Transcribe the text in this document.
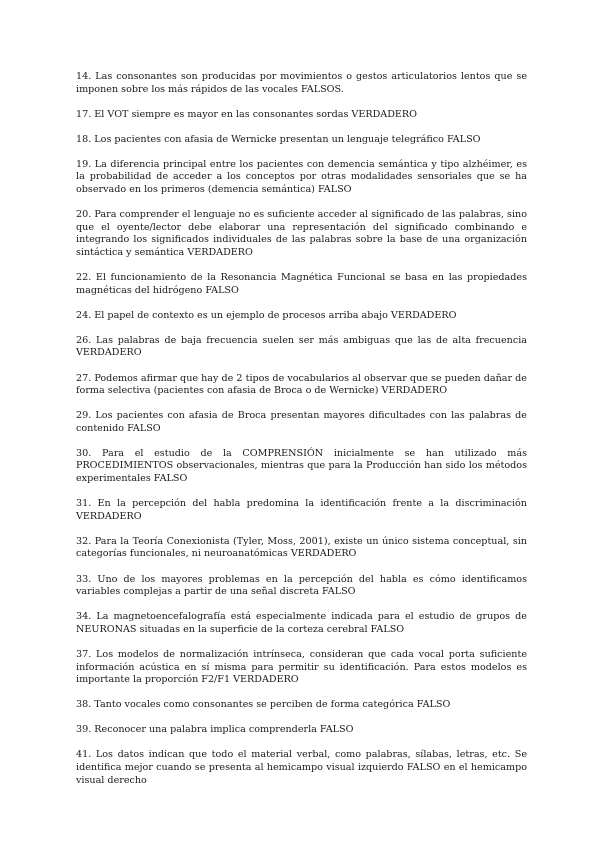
14. Las consonantes son producidas por movimientos o gestos articulatorios lentos que se imponen sobre los más rápidos de las vocales FALSOS.

17. El VOT siempre es mayor en las consonantes sordas VERDADERO

18. Los pacientes con afasia de Wernicke presentan un lenguaje telegráfico FALSO

19. La diferencia principal entre los pacientes con demencia semántica y tipo alzhéimer, es la probabilidad de acceder a los conceptos por otras modalidades sensoriales que se ha observado en los primeros (demencia semántica) FALSO

20. Para comprender el lenguaje no es suficiente acceder al significado de las palabras, sino que el oyente/lector debe elaborar una representación del significado combinando e integrando los significados individuales de las palabras sobre la base de una organización sintáctica y semántica VERDADERO

22. El funcionamiento de la Resonancia Magnética Funcional se basa en las propiedades magnéticas del hidrógeno FALSO

24. El papel de contexto es un ejemplo de procesos arriba abajo VERDADERO

26. Las palabras de baja frecuencia suelen ser más ambiguas que las de alta frecuencia VERDADERO

27. Podemos afirmar que hay de 2 tipos de vocabularios al observar que se pueden dañar de forma selectiva (pacientes con afasia de Broca o de Wernicke) VERDADERO

29. Los pacientes con afasia de Broca presentan mayores dificultades con las palabras de contenido FALSO

30. Para el estudio de la COMPRENSIÓN inicialmente se han utilizado más PROCEDIMIENTOS observacionales, mientras que para la Producción han sido los métodos experimentales FALSO

31. En la percepción del habla predomina la identificación frente a la discriminación VERDADERO

32. Para la Teoría Conexionista (Tyler, Moss, 2001), existe un único sistema conceptual, sin categorías funcionales, ni neuroanatómicas VERDADERO

33. Uno de los mayores problemas en la percepción del habla es cómo identificamos variables complejas a partir de una señal discreta FALSO

34. La magnetoencefalografía está especialmente indicada para el estudio de grupos de NEURONAS situadas en la superficie de la corteza cerebral FALSO

37. Los modelos de normalización intrínseca, consideran que cada vocal porta suficiente información acústica en sí misma para permitir su identificación. Para estos modelos es importante la proporción F2/F1 VERDADERO

38. Tanto vocales como consonantes se perciben de forma categórica FALSO

39. Reconocer una palabra implica comprenderla FALSO

41. Los datos indican que todo el material verbal, como palabras, sílabas, letras, etc. Se identifica mejor cuando se presenta al hemicampo visual izquierdo FALSO en el hemicampo visual derecho
